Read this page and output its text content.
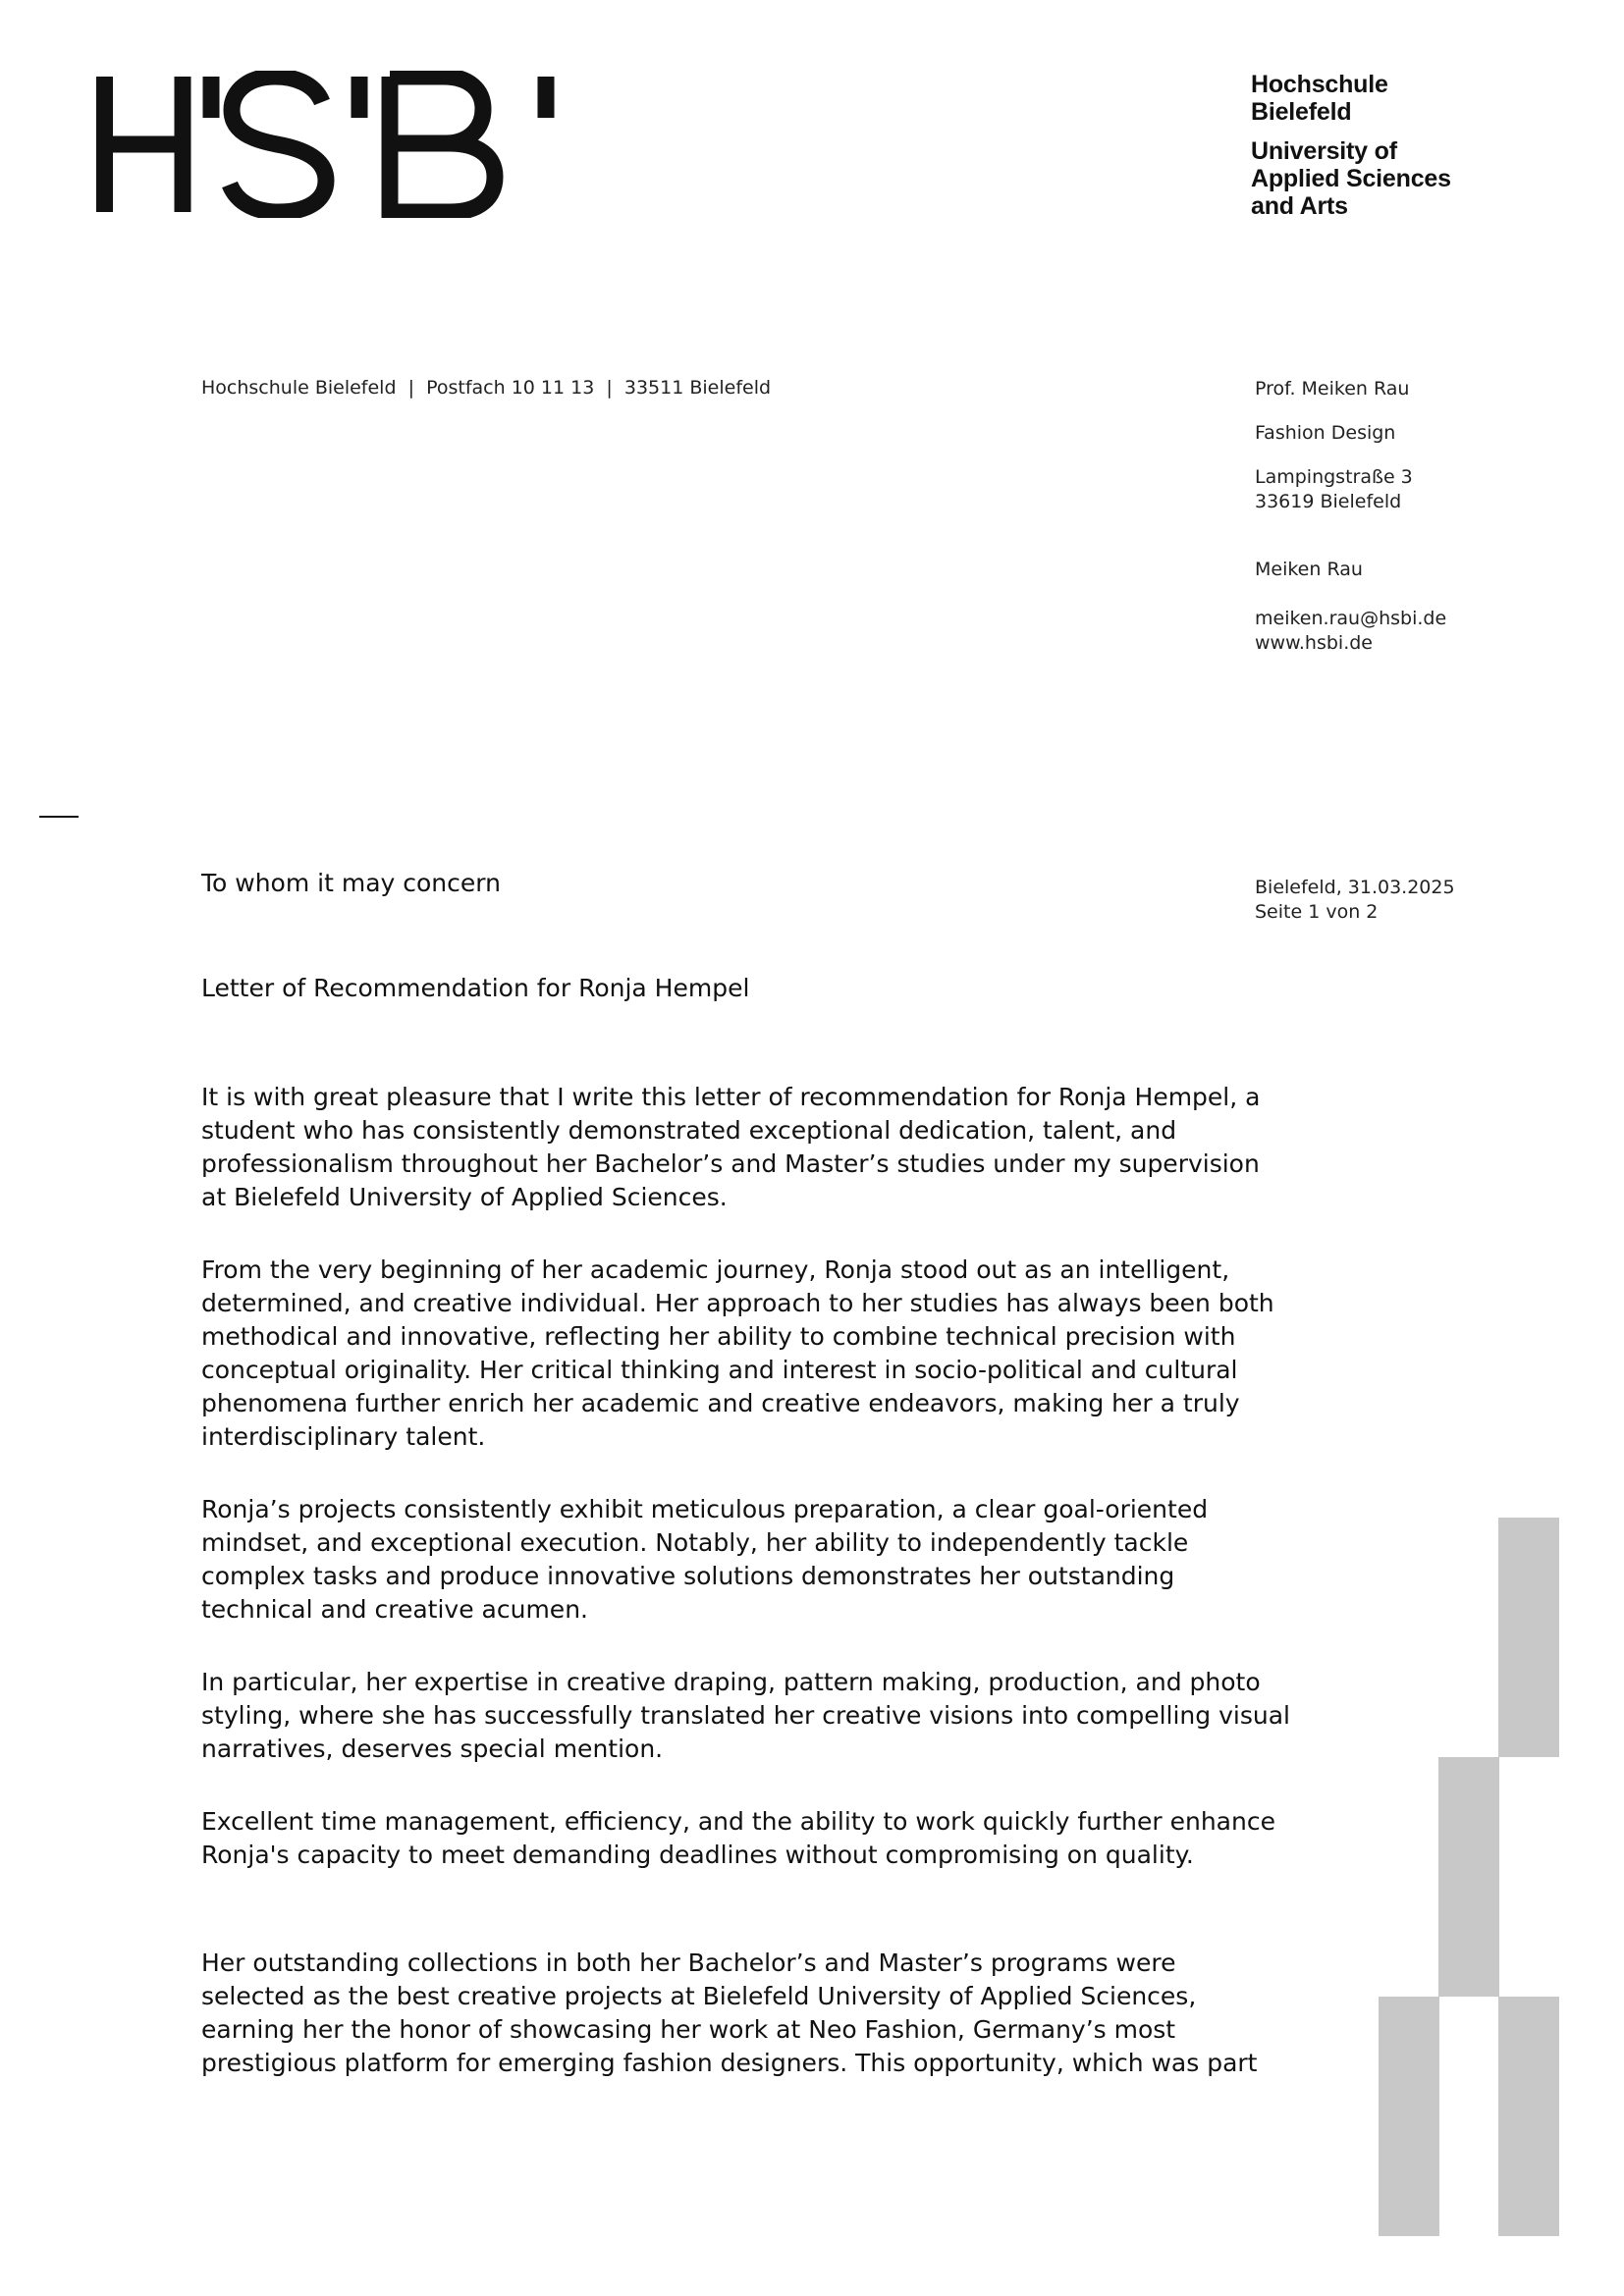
Hochschule
Bielefeld
University of
Applied Sciences
and Arts
Hochschule Bielefeld  |  Postfach 10 11 13  |  33511 Bielefeld	Prof. Meiken Rau
Fashion Design
Lampingstraße 3
33619 Bielefeld
Meiken Rau
meiken.rau@hsbi.de
www.hsbi.de
To whom it may concern	Bielefeld, 31.03.2025
Seite 1 von 2
Letter of Recommendation for Ronja Hempel

It is with great pleasure that I write this letter of recommendation for Ronja Hempel, a
student who has consistently demonstrated exceptional dedication, talent, and
professionalism throughout her Bachelor’s and Master’s studies under my supervision
at Bielefeld University of Applied Sciences.

From the very beginning of her academic journey, Ronja stood out as an intelligent,
determined, and creative individual. Her approach to her studies has always been both
methodical and innovative, reflecting her ability to combine technical precision with
conceptual originality. Her critical thinking and interest in socio-political and cultural
phenomena further enrich her academic and creative endeavors, making her a truly
interdisciplinary talent.

Ronja’s projects consistently exhibit meticulous preparation, a clear goal-oriented
mindset, and exceptional execution. Notably, her ability to independently tackle
complex tasks and produce innovative solutions demonstrates her outstanding
technical and creative acumen.

In particular, her expertise in creative draping, pattern making, production, and photo
styling, where she has successfully translated her creative visions into compelling visual
narratives, deserves special mention.

Excellent time management, efficiency, and the ability to work quickly further enhance
Ronja's capacity to meet demanding deadlines without compromising on quality.

Her outstanding collections in both her Bachelor’s and Master’s programs were
selected as the best creative projects at Bielefeld University of Applied Sciences,
earning her the honor of showcasing her work at Neo Fashion, Germany’s most
prestigious platform for emerging fashion designers. This opportunity, which was part
